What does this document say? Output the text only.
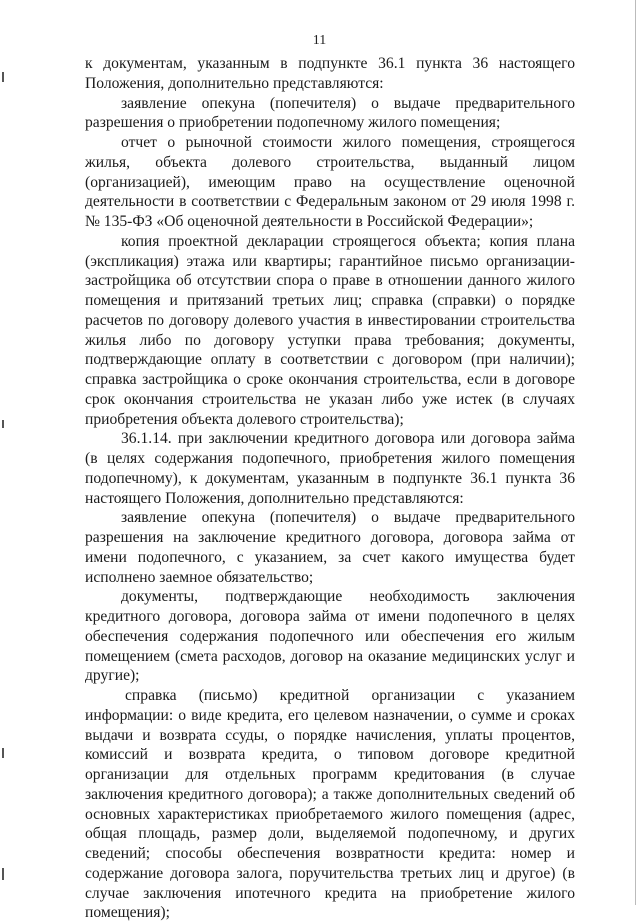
11

к документам, указанным в подпункте 36.1 пункта 36 настоящего Положения, дополнительно представляются:

заявление опекуна (попечителя) о выдаче предварительного разрешения о приобретении подопечному жилого помещения;

отчет о рыночной стоимости жилого помещения, строящегося жилья, объекта долевого строительства, выданный лицом (организацией), имеющим право на осуществление оценочной деятельности в соответствии с Федеральным законом от 29 июля 1998 г. № 135-ФЗ «Об оценочной деятельности в Российской Федерации»;

копия проектной декларации строящегося объекта; копия плана (экспликация) этажа или квартиры; гарантийное письмо организации-застройщика об отсутствии спора о праве в отношении данного жилого помещения и притязаний третьих лиц; справка (справки) о порядке расчетов по договору долевого участия в инвестировании строительства жилья либо по договору уступки права требования; документы, подтверждающие оплату в соответствии с договором (при наличии); справка застройщика о сроке окончания строительства, если в договоре срок окончания строительства не указан либо уже истек (в случаях приобретения объекта долевого строительства);

36.1.14. при заключении кредитного договора или договора займа (в целях содержания подопечного, приобретения жилого помещения подопечному), к документам, указанным в подпункте 36.1 пункта 36 настоящего Положения, дополнительно представляются:

заявление опекуна (попечителя) о выдаче предварительного разрешения на заключение кредитного договора, договора займа от имени подопечного, с указанием, за счет какого имущества будет исполнено заемное обязательство;

документы, подтверждающие необходимость заключения кредитного договора, договора займа от имени подопечного в целях обеспечения содержания подопечного или обеспечения его жилым помещением (смета расходов, договор на оказание медицинских услуг и другие);

справка (письмо) кредитной организации с указанием информации: о виде кредита, его целевом назначении, о сумме и сроках выдачи и возврата ссуды, о порядке начисления, уплаты процентов, комиссий и возврата кредита, о типовом договоре кредитной организации для отдельных программ кредитования (в случае заключения кредитного договора); а также дополнительных сведений об основных характеристиках приобретаемого жилого помещения (адрес, общая площадь, размер доли, выделяемой подопечному, и других сведений; способы обеспечения возвратности кредита: номер и содержание договора залога, поручительства третьих лиц и другое) (в случае заключения ипотечного кредита на приобретение жилого помещения);
